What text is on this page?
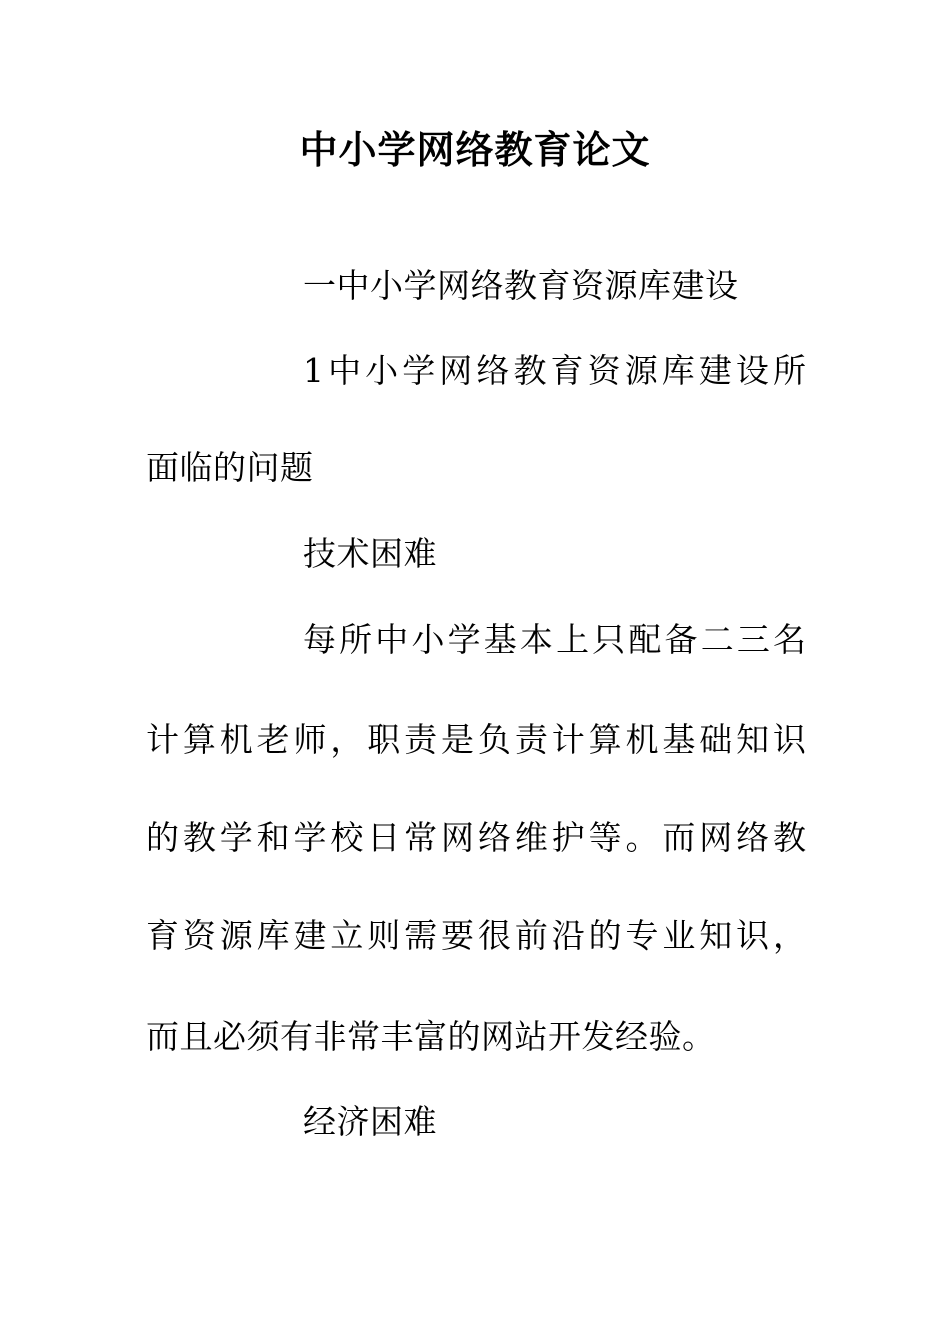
中小学网络教育论文
一中小学网络教育资源库建设
1中小学网络教育资源库建设所
面临的问题
技术困难
每所中小学基本上只配备二三名
计算机老师，职责是负责计算机基础知识
的教学和学校日常网络维护等。而网络教
育资源库建立则需要很前沿的专业知识，
而且必须有非常丰富的网站开发经验。
经济困难
